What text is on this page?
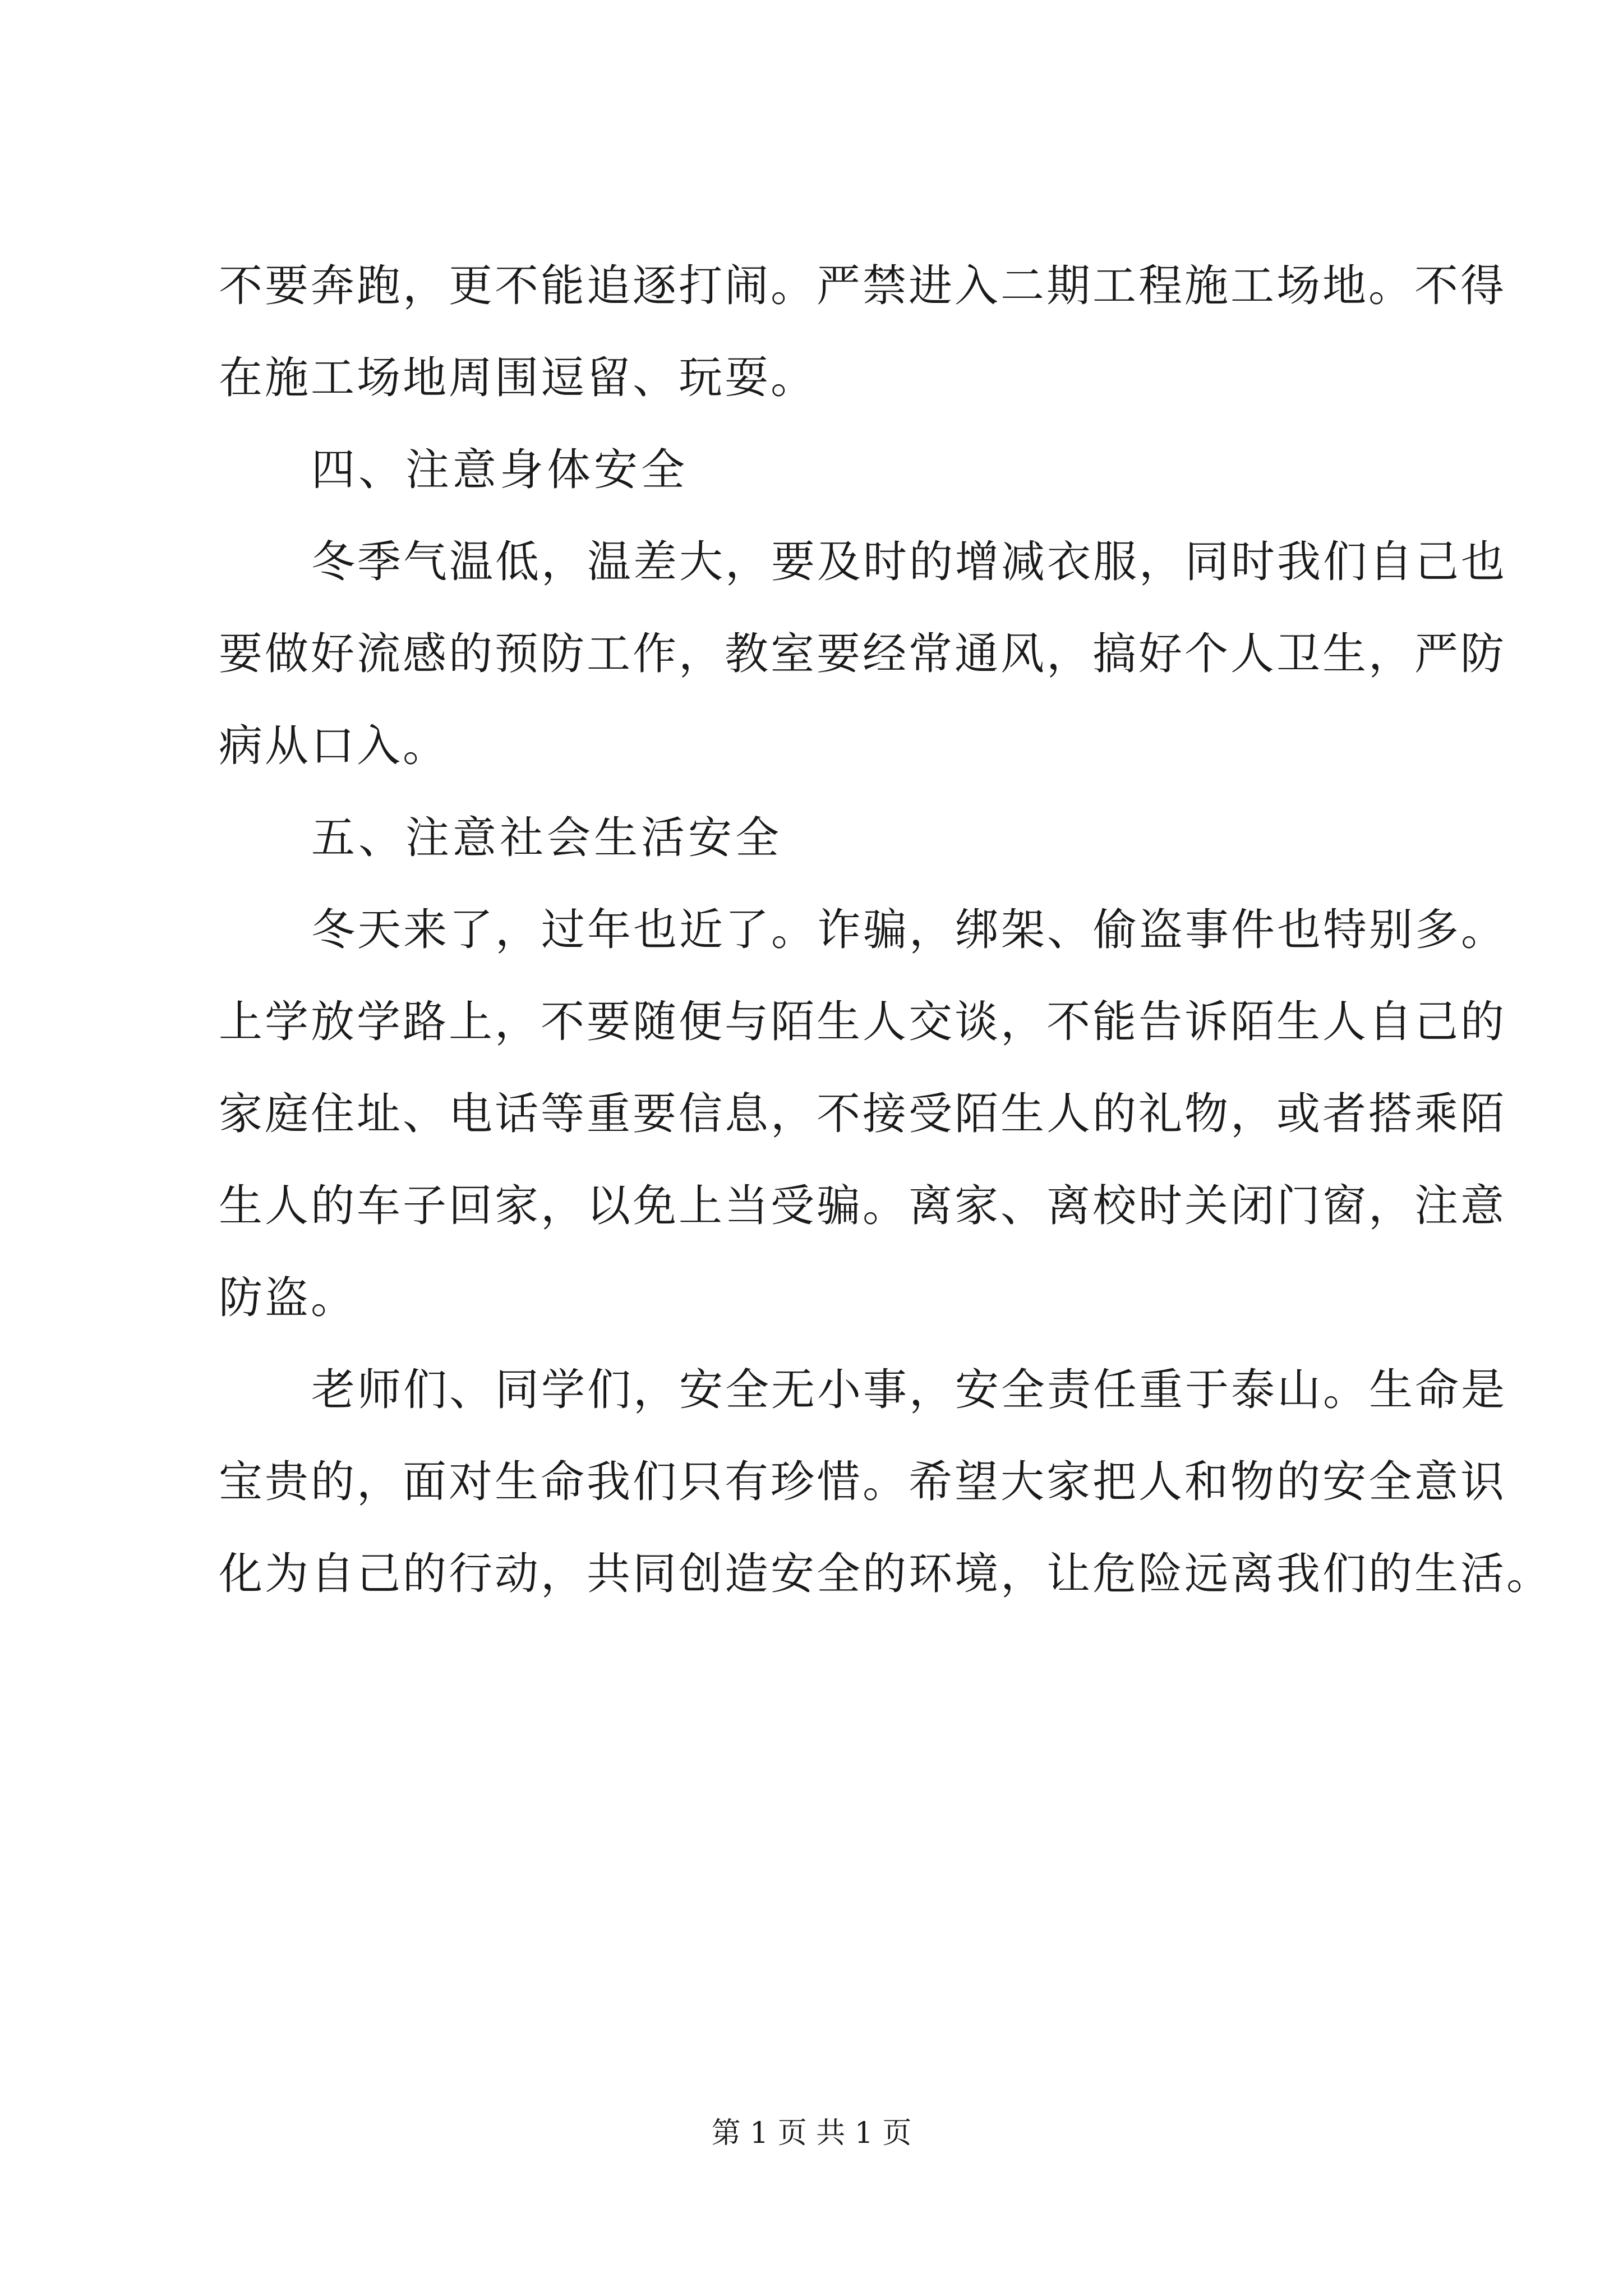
不要奔跑，更不能追逐打闹。严禁进入二期工程施工场地。不得
在施工场地周围逗留、玩耍。
四、注意身体安全
冬季气温低，温差大，要及时的增减衣服，同时我们自己也
要做好流感的预防工作，教室要经常通风，搞好个人卫生，严防
病从口入。
五、注意社会生活安全
冬天来了，过年也近了。诈骗，绑架、偷盗事件也特别多。
上学放学路上，不要随便与陌生人交谈，不能告诉陌生人自己的
家庭住址、电话等重要信息，不接受陌生人的礼物，或者搭乘陌
生人的车子回家，以免上当受骗。离家、离校时关闭门窗，注意
防盗。
老师们、同学们，安全无小事，安全责任重于泰山。生命是
宝贵的，面对生命我们只有珍惜。希望大家把人和物的安全意识
化为自己的行动，共同创造安全的环境，让危险远离我们的生活。
第 1 页 共 1 页
